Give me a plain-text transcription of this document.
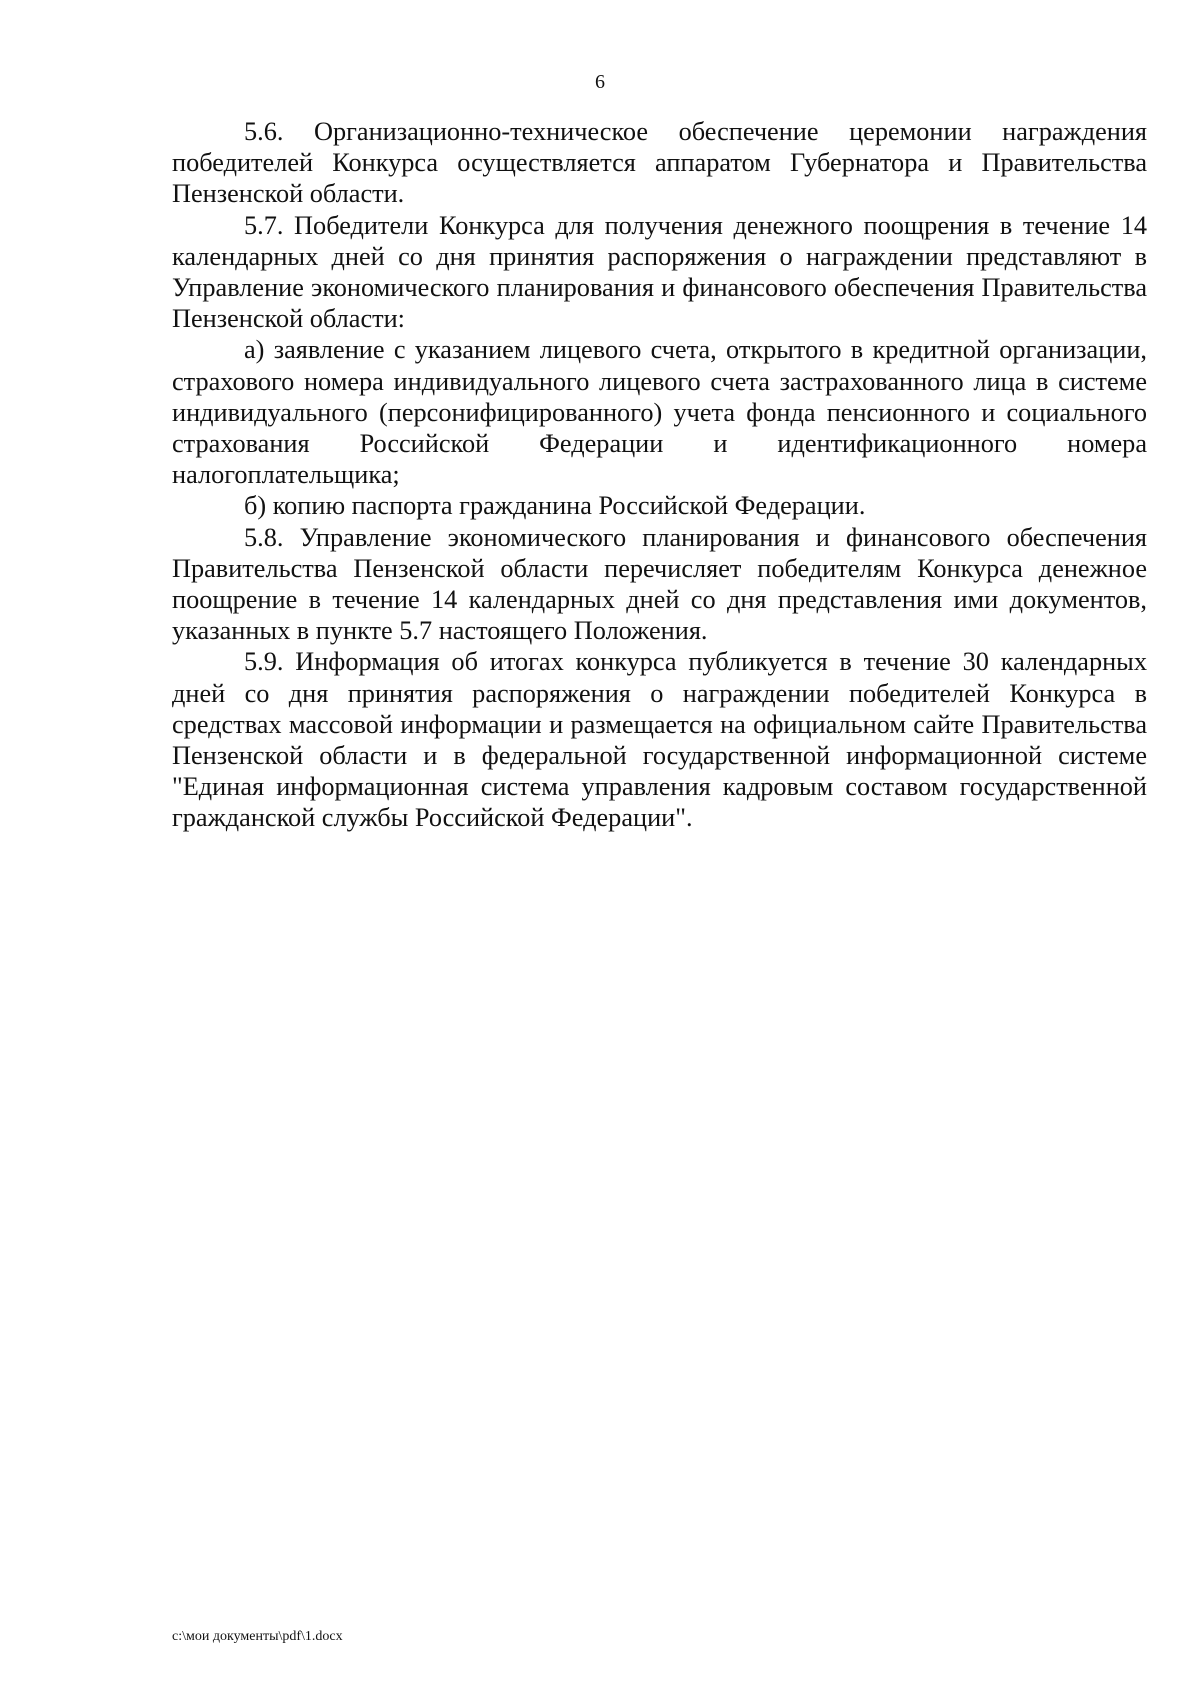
6

5.6. Организационно-техническое обеспечение церемонии награждения победителей Конкурса осуществляется аппаратом Губернатора и Правительства Пензенской области.

5.7. Победители Конкурса для получения денежного поощрения в течение 14 календарных дней со дня принятия распоряжения о награждении представляют в Управление экономического планирования и финансового обеспечения Правительства Пензенской области:

а) заявление с указанием лицевого счета, открытого в кредитной организации, страхового номера индивидуального лицевого счета застрахованного лица в системе индивидуального (персонифицированного) учета фонда пенсионного и социального страхования Российской Федерации и идентификационного номера налогоплательщика;

б) копию паспорта гражданина Российской Федерации.

5.8. Управление экономического планирования и финансового обеспечения Правительства Пензенской области перечисляет победителям Конкурса денежное поощрение в течение 14 календарных дней со дня представления ими документов, указанных в пункте 5.7 настоящего Положения.

5.9. Информация об итогах конкурса публикуется в течение 30 календарных дней со дня принятия распоряжения о награждении победителей Конкурса в средствах массовой информации и размещается на официальном сайте Правительства Пензенской области и в федеральной государственной информационной системе "Единая информационная система управления кадровым составом государственной гражданской службы Российской Федерации".

c:\мои документы\pdf\1.docx
